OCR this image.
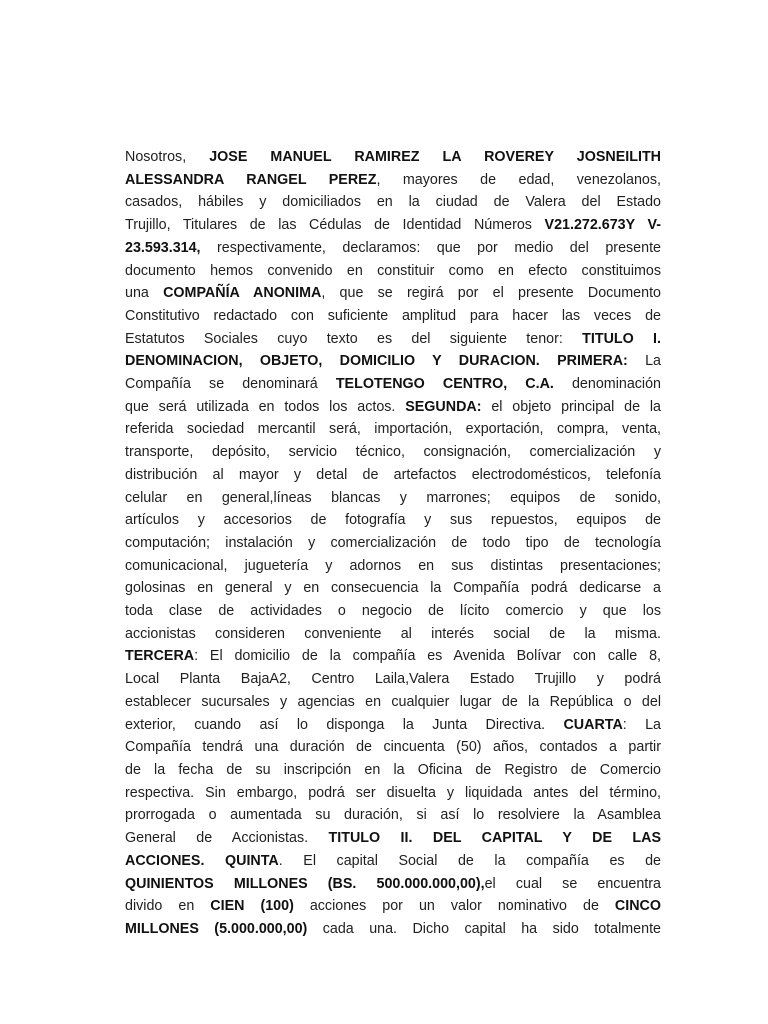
Nosotros, JOSE MANUEL RAMIREZ LA ROVEREY JOSNEILITH
ALESSANDRA RANGEL PEREZ, mayores de edad, venezolanos,
casados, hábiles y domiciliados en la ciudad de Valera del Estado
Trujillo, Titulares de las Cédulas de Identidad Números V21.272.673Y V-
23.593.314, respectivamente, declaramos: que por medio del presente
documento hemos convenido en constituir como en efecto constituimos
una COMPAÑÍA ANONIMA, que se regirá por el presente Documento
Constitutivo redactado con suficiente amplitud para hacer las veces de
Estatutos Sociales cuyo texto es del siguiente tenor: TITULO I.
DENOMINACION, OBJETO, DOMICILIO Y DURACION. PRIMERA: La
Compañía se denominará TELOTENGO CENTRO, C.A. denominación
que será utilizada en todos los actos. SEGUNDA: el objeto principal de la
referida sociedad mercantil será, importación, exportación, compra, venta,
transporte, depósito, servicio técnico, consignación, comercialización y
distribución al mayor y detal de artefactos electrodomésticos, telefonía
celular en general,líneas blancas y marrones; equipos de sonido,
artículos y accesorios de fotografía y sus repuestos, equipos de
computación; instalación y comercialización de todo tipo de tecnología
comunicacional, juguetería y adornos en sus distintas presentaciones;
golosinas en general y en consecuencia la Compañía podrá dedicarse a
toda clase de actividades o negocio de lícito comercio y que los
accionistas consideren conveniente al interés social de la misma.
TERCERA: El domicilio de la compañía es Avenida Bolívar con calle 8,
Local Planta BajaA2, Centro Laila,Valera Estado Trujillo y podrá
establecer sucursales y agencias en cualquier lugar de la República o del
exterior, cuando así lo disponga la Junta Directiva. CUARTA: La
Compañía tendrá una duración de cincuenta (50) años, contados a partir
de la fecha de su inscripción en la Oficina de Registro de Comercio
respectiva. Sin embargo, podrá ser disuelta y liquidada antes del término,
prorrogada o aumentada su duración, si así lo resolviere la Asamblea
General de Accionistas. TITULO II. DEL CAPITAL Y DE LAS
ACCIONES. QUINTA. El capital Social de la compañía es de
QUINIENTOS MILLONES (BS. 500.000.000,00),el cual se encuentra
divido en CIEN (100) acciones por un valor nominativo de CINCO
MILLONES (5.000.000,00) cada una. Dicho capital ha sido totalmente
